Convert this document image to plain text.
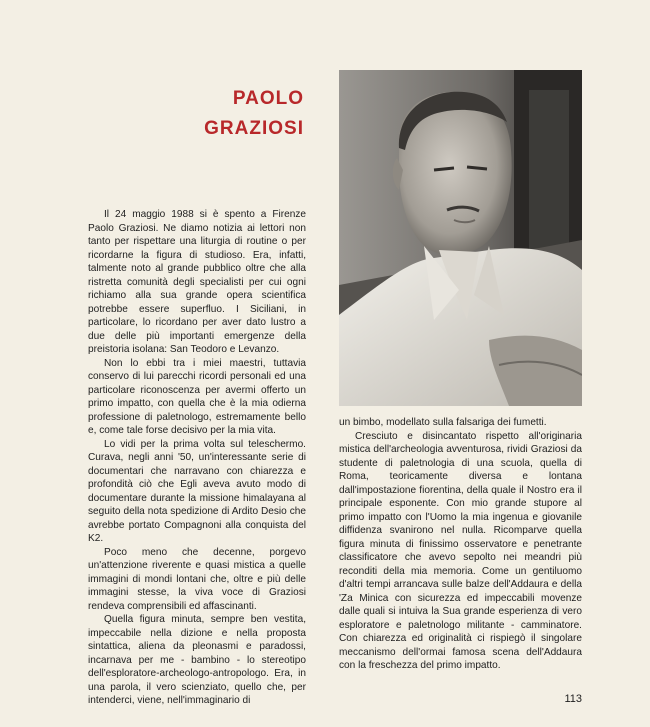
PAOLO
GRAZIOSI

Il 24 maggio 1988 si è spento a Firenze Paolo Graziosi. Ne diamo notizia ai lettori non tanto per rispettare una liturgia di routine o per ricordarne la figura di studioso. Era, infatti, talmente noto al grande pubblico oltre che alla ristretta comunità degli specialisti per cui ogni richiamo alla sua grande opera scientifica potrebbe essere superfluo. I Siciliani, in particolare, lo ricordano per aver dato lustro a due delle più importanti emergenze della preistoria isolana: San Teodoro e Levanzo.

Non lo ebbi tra i miei maestri, tuttavia conservo di lui parecchi ricordi personali ed una particolare riconoscenza per avermi offerto un primo impatto, con quella che è la mia odierna professione di paletnologo, estremamente bello e, come tale forse decisivo per la mia vita.

Lo vidi per la prima volta sul teleschermo. Curava, negli anni '50, un'interessante serie di documentari che narravano con chiarezza e profondità ciò che Egli aveva avuto modo di documentare durante la missione himalayana al seguito della nota spedizione di Ardito Desio che avrebbe portato Compagnoni alla conquista del K2.

Poco meno che decenne, porgevo un'attenzione riverente e quasi mistica a quelle immagini di mondi lontani che, oltre e più delle immagini stesse, la viva voce di Graziosi rendeva comprensibili ed affascinanti.

Quella figura minuta, sempre ben vestita, impeccabile nella dizione e nella proposta sintattica, aliena da pleonasmi e paradossi, incarnava per me - bambino - lo stereotipo dell'esploratore-archeologo-antropologo. Era, in una parola, il vero scienziato, quello che, per intenderci, viene, nell'immaginario di

un bimbo, modellato sulla falsariga dei fumetti.

Cresciuto e disincantato rispetto all'originaria mistica dell'archeologia avventurosa, rividi Graziosi da studente di paletnologia di una scuola, quella di Roma, teoricamente diversa e lontana dall'impostazione fiorentina, della quale il Nostro era il principale esponente. Con mio grande stupore al primo impatto con l'Uomo la mia ingenua e giovanile diffidenza svanirono nel nulla. Ricomparve quella figura minuta di finissimo osservatore e penetrante classificatore che avevo sepolto nei meandri più reconditi della mia memoria. Come un gentiluomo d'altri tempi arrancava sulle balze dell'Addaura e della 'Za Minica con sicurezza ed impeccabili movenze dalle quali si intuiva la Sua grande esperienza di vero esploratore e paletnologo militante - camminatore. Con chiarezza ed originalità ci rispiegò il singolare meccanismo dell'ormai famosa scena dell'Addaura con la freschezza del primo impatto.

113
